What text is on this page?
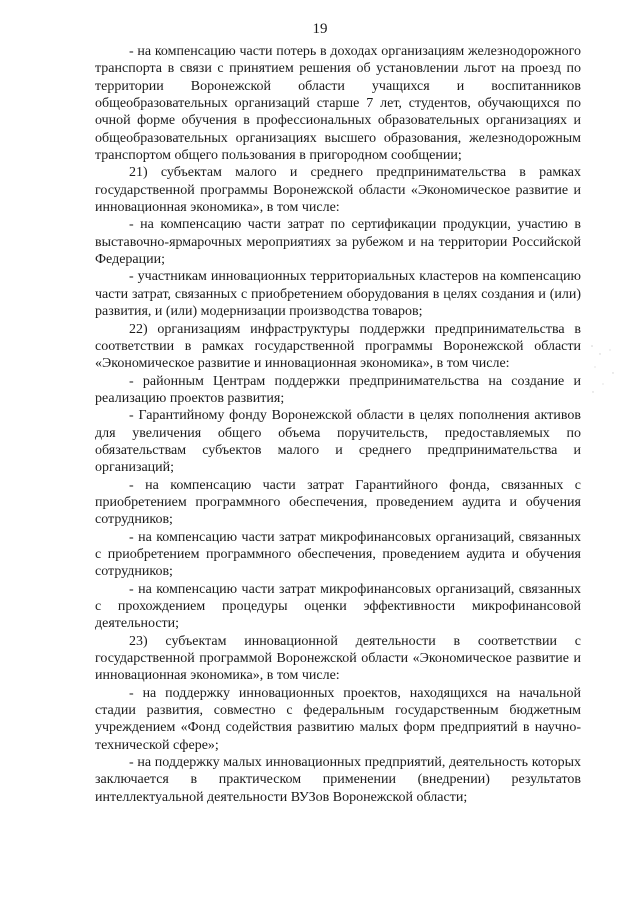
19

- на компенсацию части потерь в доходах организациям железнодорожного транспорта в связи с принятием решения об установлении льгот на проезд по территории Воронежской области учащихся и воспитанников общеобразовательных организаций старше 7 лет, студентов, обучающихся по очной форме обучения в профессиональных образовательных организациях и общеобразовательных организациях высшего образования, железнодорожным транспортом общего пользования в пригородном сообщении;

21) субъектам малого и среднего предпринимательства в рамках государственной программы Воронежской области «Экономическое развитие и инновационная экономика», в том числе:

- на компенсацию части затрат по сертификации продукции, участию в выставочно-ярмарочных мероприятиях за рубежом и на территории Российской Федерации;

- участникам инновационных территориальных кластеров на компенсацию части затрат, связанных с приобретением оборудования в целях создания и (или) развития, и (или) модернизации производства товаров;

22) организациям инфраструктуры поддержки предпринимательства в соответствии в рамках государственной программы Воронежской области «Экономическое развитие и инновационная экономика», в том числе:

- районным Центрам поддержки предпринимательства на создание и реализацию проектов развития;

- Гарантийному фонду Воронежской области в целях пополнения активов для увеличения общего объема поручительств, предоставляемых по обязательствам субъектов малого и среднего предпринимательства и организаций;

- на компенсацию части затрат Гарантийного фонда, связанных с приобретением программного обеспечения, проведением аудита и обучения сотрудников;

- на компенсацию части затрат микрофинансовых организаций, связанных с приобретением программного обеспечения, проведением аудита и обучения сотрудников;

- на компенсацию части затрат микрофинансовых организаций, связанных с прохождением процедуры оценки эффективности микрофинансовой деятельности;

23) субъектам инновационной деятельности в соответствии с государственной программой Воронежской области «Экономическое развитие и инновационная экономика», в том числе:

- на поддержку инновационных проектов, находящихся на начальной стадии развития, совместно с федеральным государственным бюджетным учреждением «Фонд содействия развитию малых форм предприятий в научно-технической сфере»;

- на поддержку малых инновационных предприятий, деятельность которых заключается в практическом применении (внедрении) результатов интеллектуальной деятельности ВУЗов Воронежской области;
